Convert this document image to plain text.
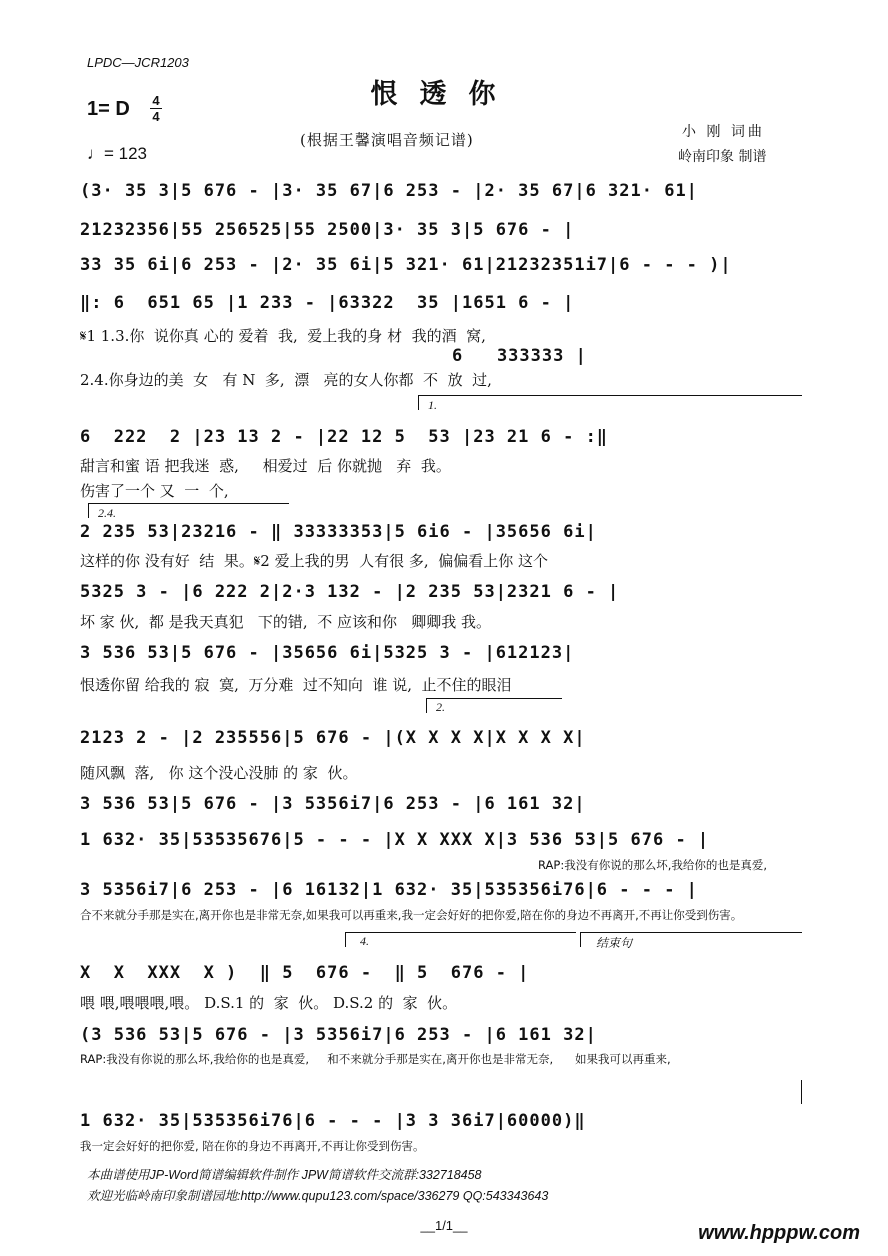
LPDC—JCR1203
恨透你
1= D 4
4
♩= 123
(根据王馨演唱音频记谱)	小 刚 词曲
岭南印象 制谱
(3· 35 3|5 676 - |3· 35 67|6 253 - |2· 35 67|6 321· 61|
21232356|55 256525|55 2500|3· 35 3|5 676 - |
33 35 6i|6 253 - |2· 35 6i|5 321· 61|21232351i7|6 - - - )|
‖: 6  651 65 |1 233 - |63322  35 |1651 6 - |
𝄋1 1.3.你  说你真 心的 爱着  我,  爱上我的身 材  我的酒  窝,
6   333333 |
2.4.你身边的美  女   有 N  多,  漂   亮的女人你都  不  放  过,
1.
6  222  2 |23 13 2 - |22 12 5  53 |23 21 6 - :‖
甜言和蜜 语 把我迷  惑,     相爱过  后 你就抛   弃  我。
伤害了一个 又  一  个,
2.4.
2 235 53|23216 - ‖ 33333353|5 6i6 - |35656 6i|
这样的你 没有好  结  果。𝄋2 爱上我的男  人有很 多,  偏偏看上你 这个
5325 3 - |6 222 2|2·3 132 - |2 235 53|2321 6 - |
坏 家 伙,  都 是我天真犯   下的错,  不 应该和你   卿卿我 我。
3 536 53|5 676 - |35656 6i|5325 3 - |612123|
恨透你留 给我的 寂  寞,  万分难  过不知向  谁 说,  止不住的眼泪
2.
2123 2 - |2 235556|5 676 - |(X X X X|X X X X|
随风飘  落,   你 这个没心没肺 的 家  伙。
3 536 53|5 676 - |3 5356i7|6 253 - |6 161 32|
1 632· 35|53535676|5 - - - |X X XXX X|3 536 53|5 676 - |
RAP:我没有你说的那么坏,我给你的也是真爱,
3 5356i7|6 253 - |6 16132|1 632· 35|535356i76|6 - - - |
合不来就分手那是实在,离开你也是非常无奈,如果我可以再重来,我一定会好好的把你爱,陪在你的身边不再离开,不再让你受到伤害。
4.	结束句
X  X  XXX  X )  ‖ 5  676 -  ‖ 5  676 - |
喂 喂,喂喂喂,喂。 D.S.1 的  家  伙。 D.S.2 的  家  伙。
(3 536 53|5 676 - |3 5356i7|6 253 - |6 161 32|
RAP:我没有你说的那么坏,我给你的也是真爱,     和不来就分手那是实在,离开你也是非常无奈,      如果我可以再重来,
1 632· 35|535356i76|6 - - - |3 3 36i7|60000)‖
我一定会好好的把你爱, 陪在你的身边不再离开,不再让你受到伤害。
本曲谱使用JP-Word简谱编辑软件制作 JPW简谱软件交流群:332718458
欢迎光临岭南印象制谱园地:http://www.qupu123.com/space/336279 QQ:543343643
__1/1__	www.hpppw.com
